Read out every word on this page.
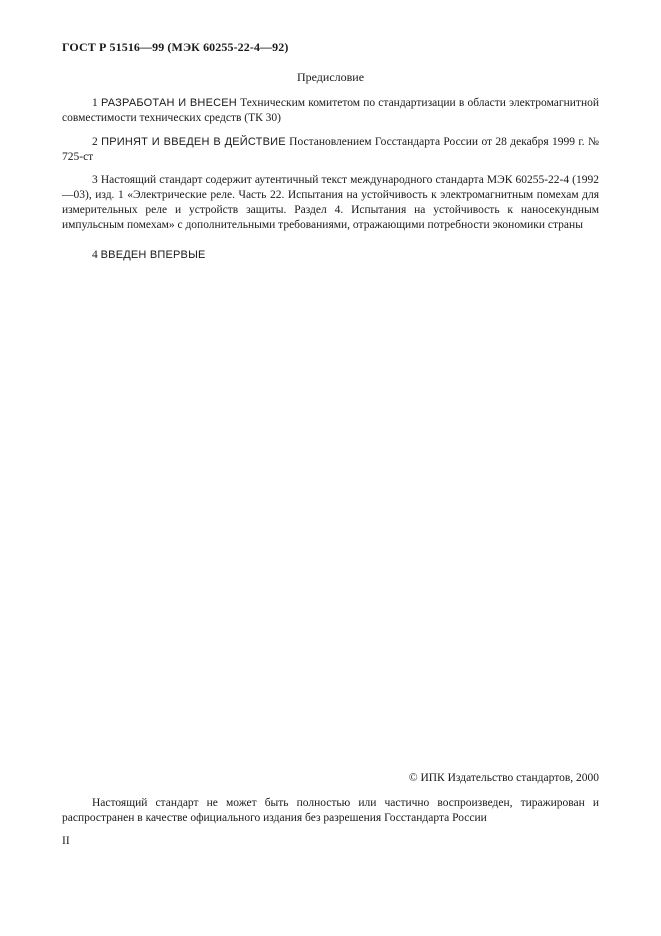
ГОСТ Р 51516—99 (МЭК 60255-22-4—92)
Предисловие

1 РАЗРАБОТАН И ВНЕСЕН Техническим комитетом по стандартизации в области электромагнитной совместимости технических средств (ТК 30)

2 ПРИНЯТ И ВВЕДЕН В ДЕЙСТВИЕ Постановлением Госстандарта России от 28 декабря 1999 г. № 725-ст

3 Настоящий стандарт содержит аутентичный текст международного стандарта МЭК 60255-22-4 (1992—03), изд. 1 «Электрические реле. Часть 22. Испытания на устойчивость к электромагнитным помехам для измерительных реле и устройств защиты. Раздел 4. Испытания на устойчивость к наносекундным импульсным помехам» с дополнительными требованиями, отражающими потребности экономики страны

4 ВВЕДЕН ВПЕРВЫЕ

© ИПК Издательство стандартов, 2000

Настоящий стандарт не может быть полностью или частично воспроизведен, тиражирован и распространен в качестве официального издания без разрешения Госстандарта России

II
